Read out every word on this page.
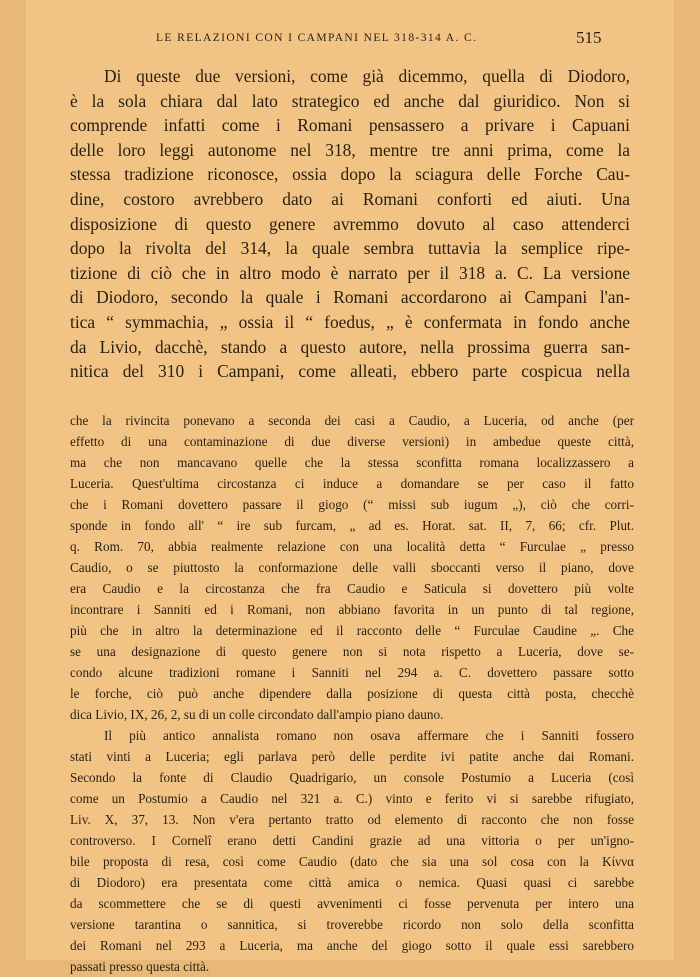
LE RELAZIONI CON I CAMPANI NEL 318-314 A. C.	515
Di queste due versioni, come già dicemmo, quella di Diodoro,
è la sola chiara dal lato strategico ed anche dal giuridico. Non si
comprende infatti come i Romani pensassero a privare i Capuani
delle loro leggi autonome nel 318, mentre tre anni prima, come la
stessa tradizione riconosce, ossia dopo la sciagura delle Forche Cau-
dine, costoro avrebbero dato ai Romani conforti ed aiuti. Una
disposizione di questo genere avremmo dovuto al caso attenderci
dopo la rivolta del 314, la quale sembra tuttavia la semplice ripe-
tizione di ciò che in altro modo è narrato per il 318 a. C. La versione
di Diodoro, secondo la quale i Romani accordarono ai Campani l'an-
tica “ symmachia, „ ossia il “ foedus, „ è confermata in fondo anche
da Livio, dacchè, stando a questo autore, nella prossima guerra san-
nitica del 310 i Campani, come alleati, ebbero parte cospicua nella
che la rivincita ponevano a seconda dei casi a Caudio, a Luceria, od anche (per
effetto di una contaminazione di due diverse versioni) in ambedue queste città,
ma che non mancavano quelle che la stessa sconfitta romana localizzassero a
Luceria. Quest'ultima circostanza ci induce a domandare se per caso il fatto
che i Romani dovettero passare il giogo (“ missi sub iugum „), ciò che corri-
sponde in fondo all' “ ire sub furcam, „ ad es. Horat. sat. II, 7, 66; cfr. Plut.
q. Rom. 70, abbia realmente relazione con una località detta “ Furculae „ presso
Caudio, o se piuttosto la conformazione delle valli sboccanti verso il piano, dove
era Caudio e la circostanza che fra Caudio e Saticula si dovettero più volte
incontrare i Sanniti ed i Romani, non abbiano favorita in un punto di tal regione,
più che in altro la determinazione ed il racconto delle “ Furculae Caudine „. Che
se una designazione di questo genere non si nota rispetto a Luceria, dove se-
condo alcune tradizioni romane i Sanniti nel 294 a. C. dovettero passare sotto
le forche, ciò può anche dipendere dalla posizione di questa città posta, checchè
dica Livio, IX, 26, 2, su di un colle circondato dall'ampio piano dauno.
Il più antico annalista romano non osava affermare che i Sanniti fossero
stati vinti a Luceria; egli parlava però delle perdite ivi patite anche dai Romani.
Secondo la fonte di Claudio Quadrigario, un console Postumio a Luceria (così
come un Postumio a Caudio nel 321 a. C.) vinto e ferito vi si sarebbe rifugiato,
Liv. X, 37, 13. Non v'era pertanto tratto od elemento di racconto che non fosse
controverso. I Cornelî erano detti Candini grazie ad una vittoria o per un'igno-
bile proposta di resa, così come Caudio (dato che sia una sol cosa con la Κίννα
di Diodoro) era presentata come città amica o nemica. Quasi quasi ci sarebbe
da scommettere che se di questi avvenimenti ci fosse pervenuta per intero una
versione tarantina o sannitica, si troverebbe ricordo non solo della sconfitta
dei Romani nel 293 a Luceria, ma anche del giogo sotto il quale essi sarebbero
passati presso questa città.
